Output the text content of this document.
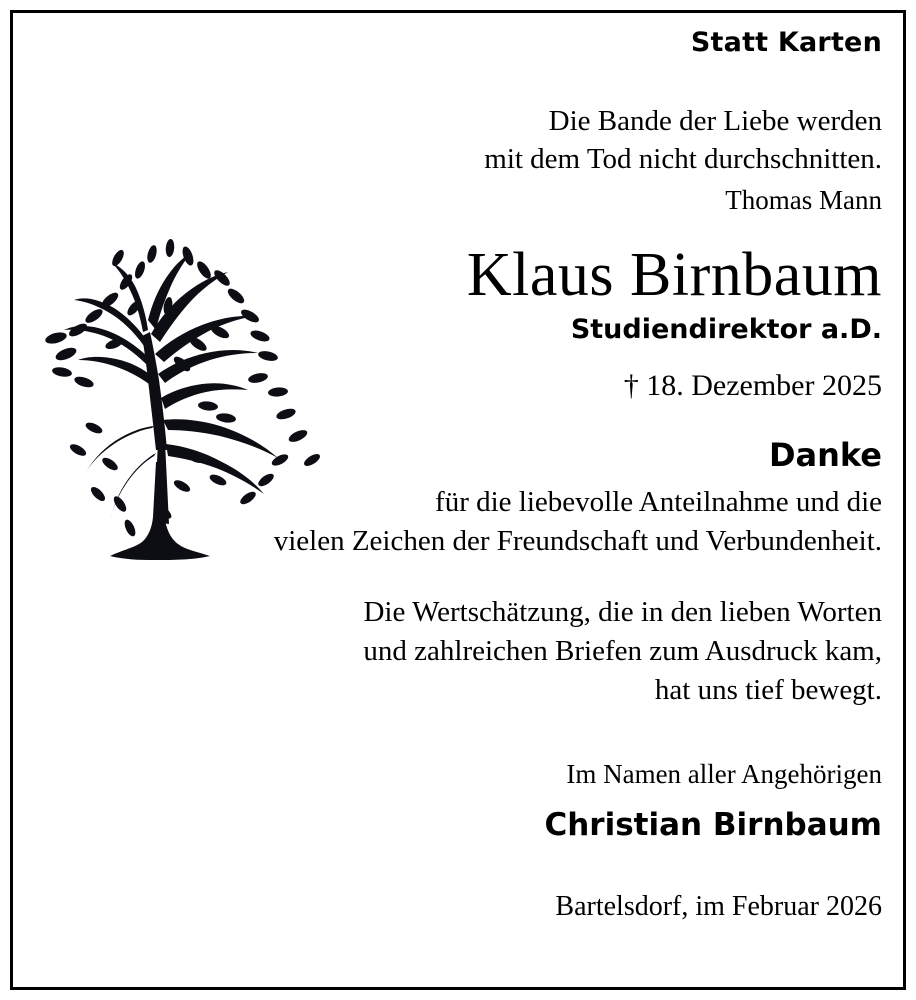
Statt Karten
Die Bande der Liebe werden
mit dem Tod nicht durchschnitten.
Thomas Mann
Klaus Birnbaum
Studiendirektor a.D.
† 18. Dezember 2025
Danke
für die liebevolle Anteilnahme und die
vielen Zeichen der Freundschaft und Verbundenheit.
Die Wertschätzung, die in den lieben Worten
und zahlreichen Briefen zum Ausdruck kam,
hat uns tief bewegt.
Im Namen aller Angehörigen
Christian Birnbaum
Bartelsdorf, im Februar 2026
